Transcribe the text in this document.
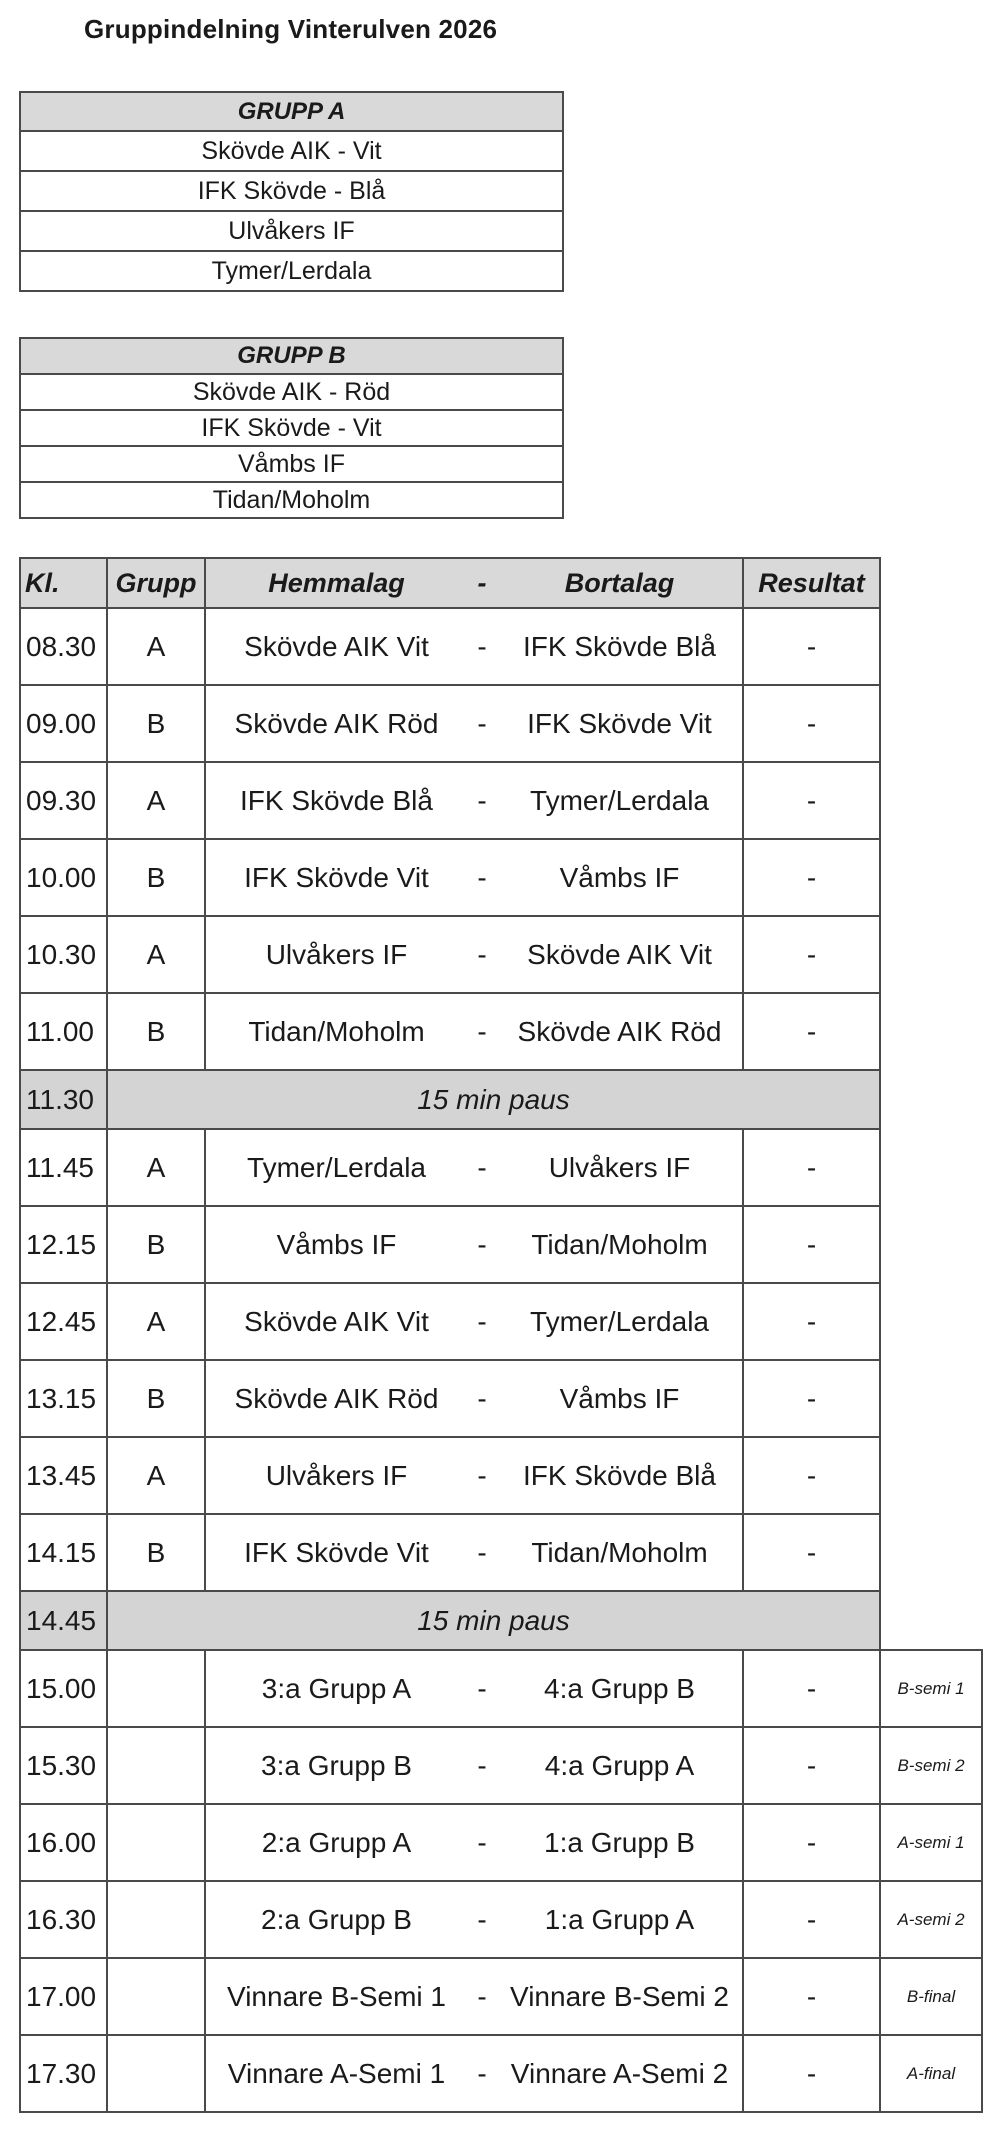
Gruppindelning Vinterulven 2026
GRUPP A
Skövde AIK - Vit
IFK Skövde - Blå
Ulvåkers IF
Tymer/Lerdala
GRUPP B
Skövde AIK - Röd
IFK Skövde - Vit
Våmbs IF
Tidan/Moholm
Kl.	Grupp	Hemmalag	-	Bortalag	Resultat	
08.30	A	Skövde AIK Vit	-	IFK Skövde Blå	-	
09.00	B	Skövde AIK Röd	-	IFK Skövde Vit	-	
09.30	A	IFK Skövde Blå	-	Tymer/Lerdala	-	
10.00	B	IFK Skövde Vit	-	Våmbs IF	-	
10.30	A	Ulvåkers IF	-	Skövde AIK Vit	-	
11.00	B	Tidan/Moholm	-	Skövde AIK Röd	-	
11.30	15 min paus					
11.45	A	Tymer/Lerdala	-	Ulvåkers IF	-	
12.15	B	Våmbs IF	-	Tidan/Moholm	-	
12.45	A	Skövde AIK Vit	-	Tymer/Lerdala	-	
13.15	B	Skövde AIK Röd	-	Våmbs IF	-	
13.45	A	Ulvåkers IF	-	IFK Skövde Blå	-	
14.15	B	IFK Skövde Vit	-	Tidan/Moholm	-	
14.45	15 min paus					
15.00		3:a Grupp A	-	4:a Grupp B	-	B-semi 1
15.30		3:a Grupp B	-	4:a Grupp A	-	B-semi 2
16.00		2:a Grupp A	-	1:a Grupp B	-	A-semi 1
16.30		2:a Grupp B	-	1:a Grupp A	-	A-semi 2
17.00		Vinnare B-Semi 1	-	Vinnare B-Semi 2	-	B-final
17.30		Vinnare A-Semi 1	-	Vinnare A-Semi 2	-	A-final
